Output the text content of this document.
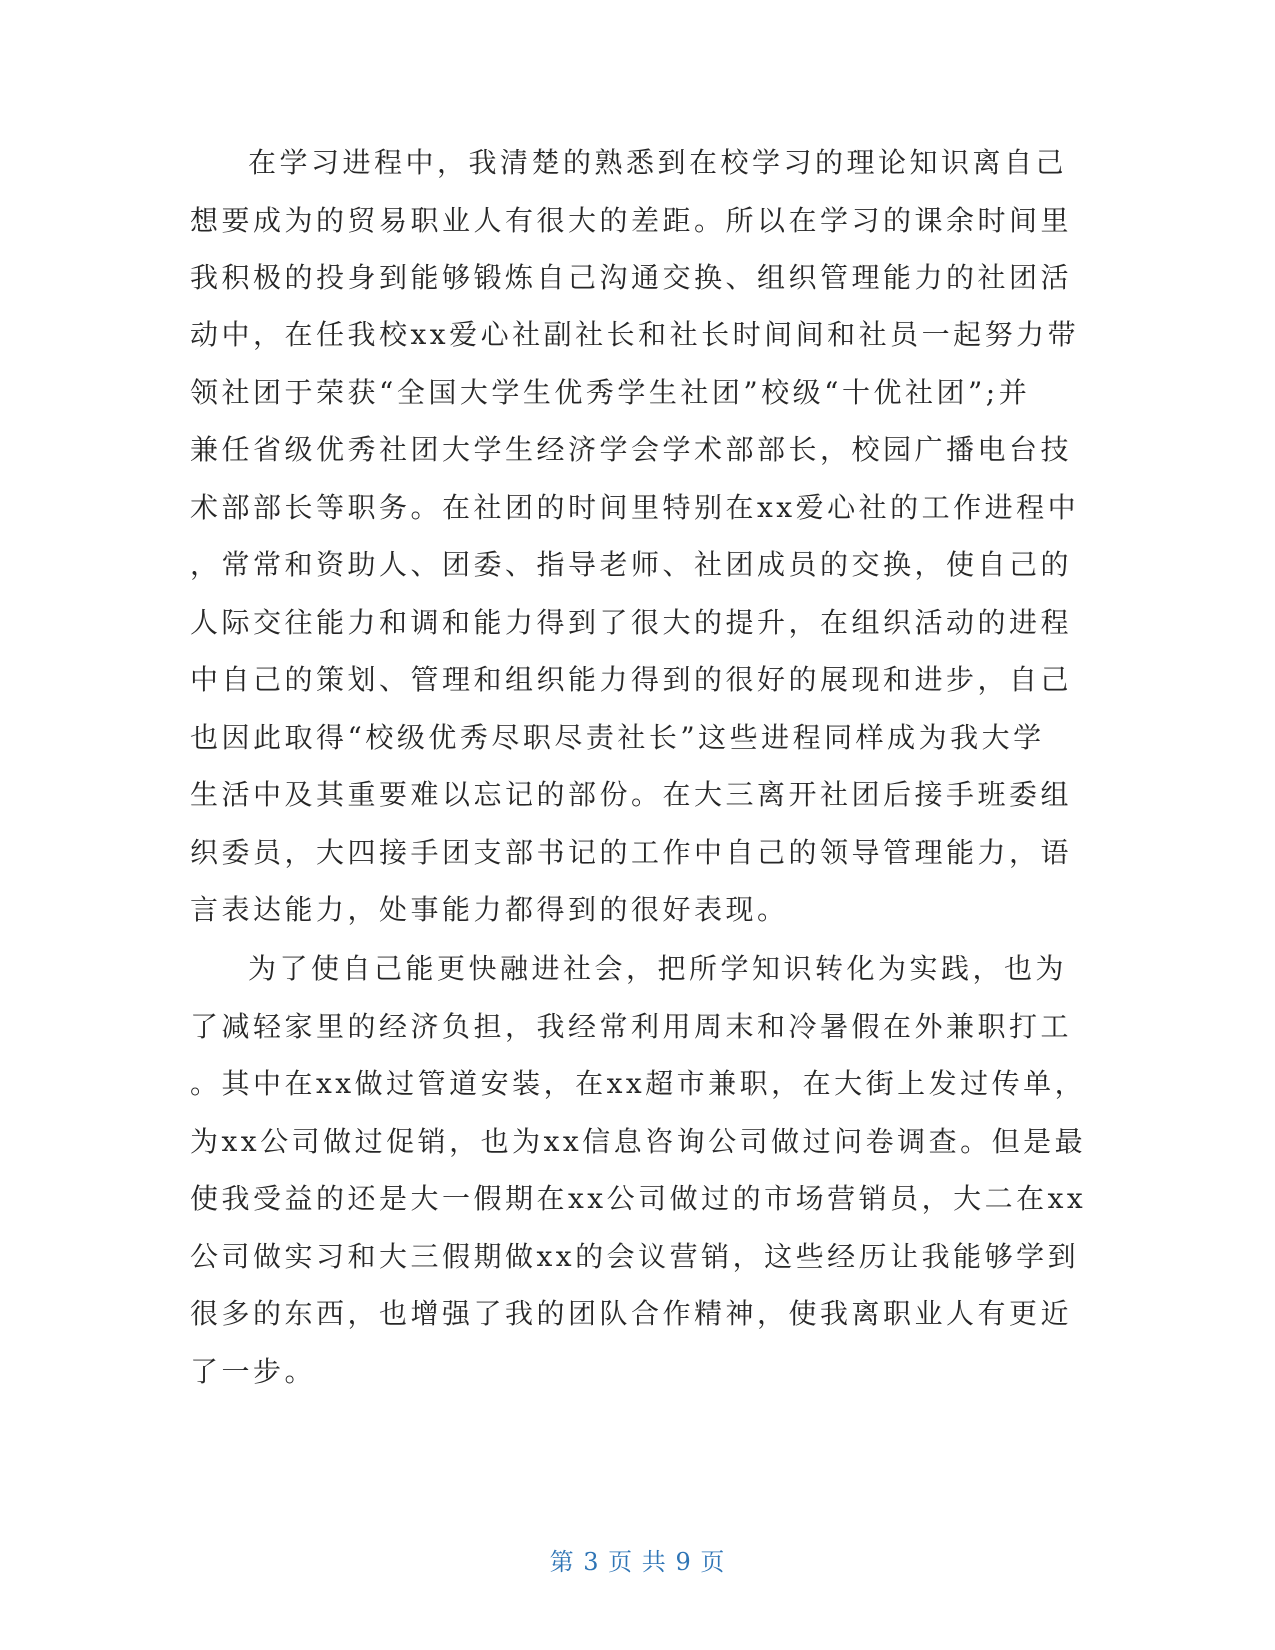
在学习进程中，我清楚的熟悉到在校学习的理论知识离自己

想要成为的贸易职业人有很大的差距。所以在学习的课余时间里

我积极的投身到能够锻炼自己沟通交换、组织管理能力的社团活

动中，在任我校xx爱心社副社长和社长时间间和社员一起努力带

领社团于荣获“全国大学生优秀学生社团”校级“十优社团”;并

兼任省级优秀社团大学生经济学会学术部部长，校园广播电台技

术部部长等职务。在社团的时间里特别在xx爱心社的工作进程中

，常常和资助人、团委、指导老师、社团成员的交换，使自己的

人际交往能力和调和能力得到了很大的提升，在组织活动的进程

中自己的策划、管理和组织能力得到的很好的展现和进步，自己

也因此取得“校级优秀尽职尽责社长”这些进程同样成为我大学

生活中及其重要难以忘记的部份。在大三离开社团后接手班委组

织委员，大四接手团支部书记的工作中自己的领导管理能力，语

言表达能力，处事能力都得到的很好表现。

为了使自己能更快融进社会，把所学知识转化为实践，也为

了减轻家里的经济负担，我经常利用周末和冷暑假在外兼职打工

。其中在xx做过管道安装，在xx超市兼职，在大街上发过传单，

为xx公司做过促销，也为xx信息咨询公司做过问卷调查。但是最

使我受益的还是大一假期在xx公司做过的市场营销员，大二在xx

公司做实习和大三假期做xx的会议营销，这些经历让我能够学到

很多的东西，也增强了我的团队合作精神，使我离职业人有更近

了一步。

第 3 页 共 9 页
